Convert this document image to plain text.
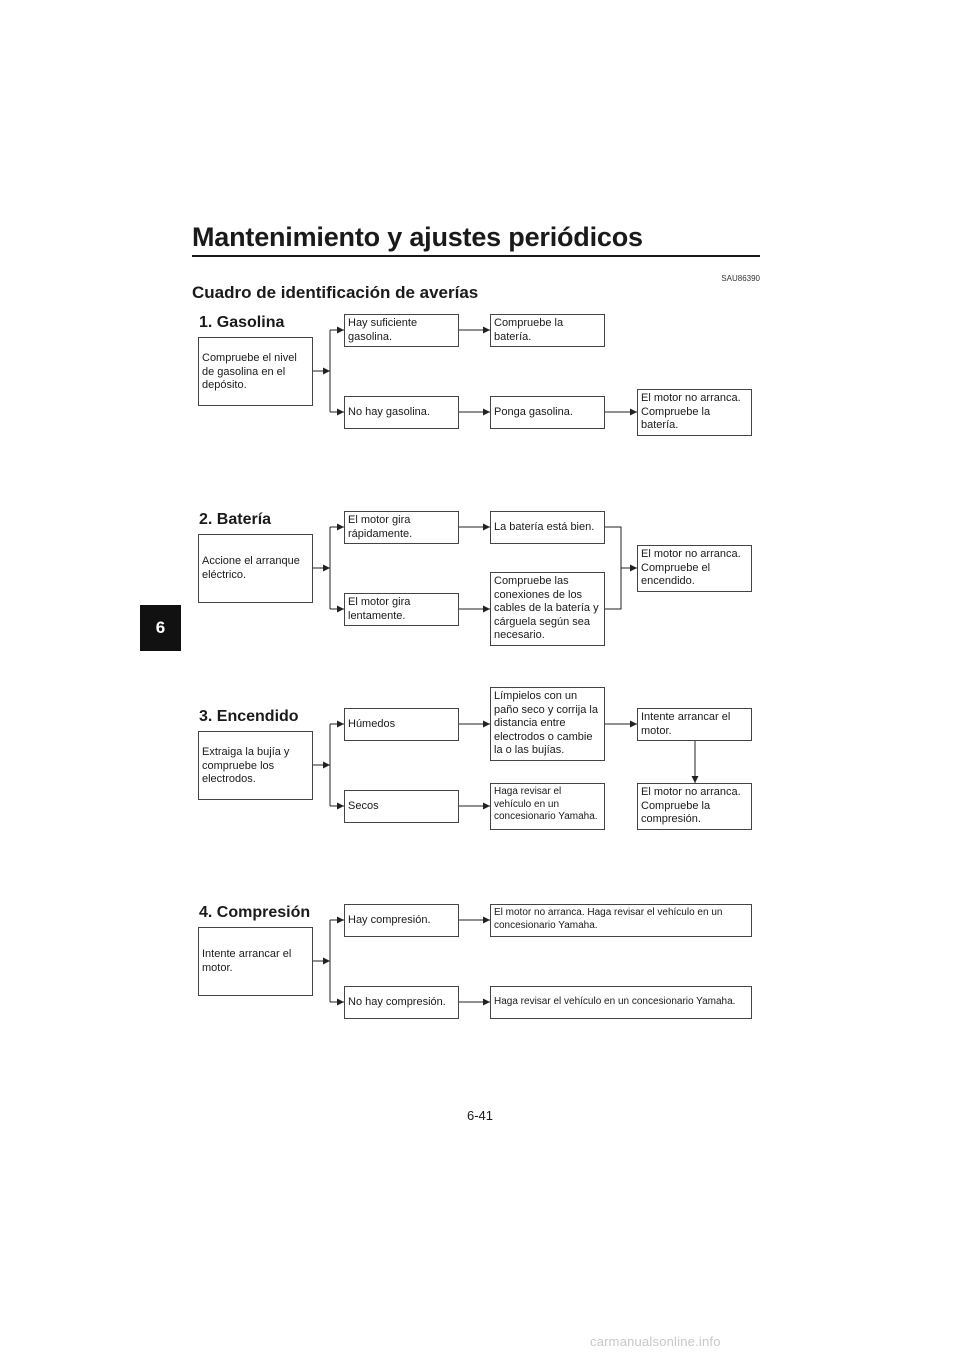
Mantenimiento y ajustes periódicos
SAU86390
Cuadro de identificación de averías
6
1. Gasolina
Compruebe el nivel de gasolina en el depósito.
Hay suficiente gasolina.
Compruebe la batería.
No hay gasolina.	Ponga gasolina.
El motor no arranca. Compruebe la batería.
2. Batería
Accione el arranque eléctrico.
El motor gira rápidamente.
La batería está bien.
El motor gira lentamente.
Compruebe las conexiones de los cables de la batería y cárguela según sea necesario.
El motor no arranca. Compruebe el encendido.
3. Encendido
Extraiga la bujía y compruebe los electrodos.
Húmedos
Límpielos con un paño seco y corrija la distancia entre electrodos o cambie la o las bujías.
Intente arrancar el motor.
Secos
Haga revisar el vehículo en un concesionario Yamaha.
El motor no arranca. Compruebe la compresión.
4. Compresión
Intente arrancar el motor.
Hay compresión.
El motor no arranca. Haga revisar el vehículo en un concesionario Yamaha.
No hay compresión.	Haga revisar el vehículo en un concesionario Yamaha.
6-41
carmanualsonline.info
